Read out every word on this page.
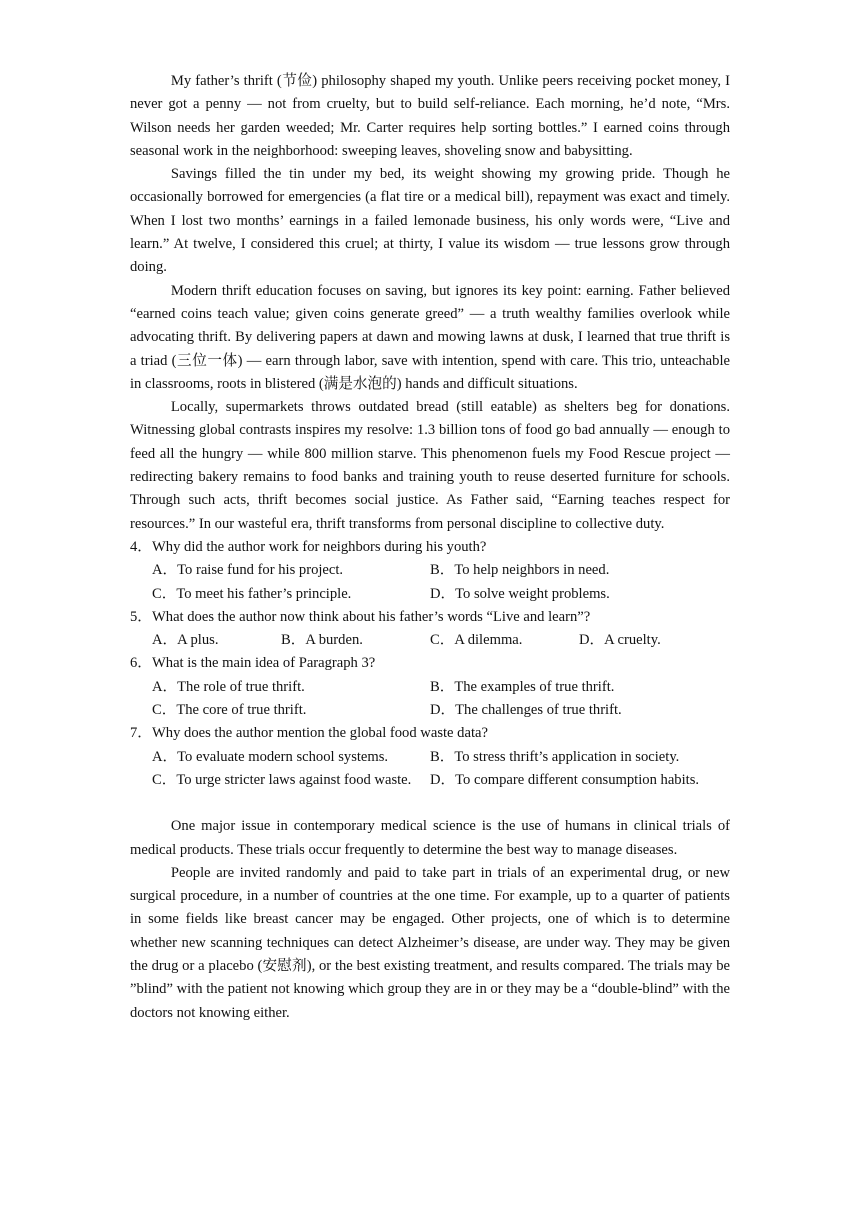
My father’s thrift (节俭) philosophy shaped my youth. Unlike peers receiving pocket money, I never got a penny — not from cruelty, but to build self-reliance. Each morning, he’d note, “Mrs. Wilson needs her garden weeded; Mr. Carter requires help sorting bottles.” I earned coins through seasonal work in the neighborhood: sweeping leaves, shoveling snow and babysitting.

Savings filled the tin under my bed, its weight showing my growing pride. Though he occasionally borrowed for emergencies (a flat tire or a medical bill), repayment was exact and timely. When I lost two months’ earnings in a failed lemonade business, his only words were, “Live and learn.” At twelve, I considered this cruel; at thirty, I value its wisdom — true lessons grow through doing.

Modern thrift education focuses on saving, but ignores its key point: earning. Father believed “earned coins teach value; given coins generate greed” — a truth wealthy families overlook while advocating thrift. By delivering papers at dawn and mowing lawns at dusk, I learned that true thrift is a triad (三位一体) — earn through labor, save with intention, spend with care. This trio, unteachable in classrooms, roots in blistered (满是水泡的) hands and difficult situations.

Locally, supermarkets throws outdated bread (still eatable) as shelters beg for donations. Witnessing global contrasts inspires my resolve: 1.3 billion tons of food go bad annually — enough to feed all the hungry — while 800 million starve. This phenomenon fuels my Food Rescue project — redirecting bakery remains to food banks and training youth to reuse deserted furniture for schools. Through such acts, thrift becomes social justice. As Father said, “Earning teaches respect for resources.” In our wasteful era, thrift transforms from personal discipline to collective duty.

4． Why did the author work for neighbors during his youth?
A．To raise fund for his project.	B．To help neighbors in need.
C．To meet his father’s principle.	D．To solve weight problems.
5． What does the author now think about his father’s words “Live and learn”?
A．A plus.	B．A burden.	C．A dilemma.	D．A cruelty.
6． What is the main idea of Paragraph 3?
A．The role of true thrift.	B．The examples of true thrift.
C．The core of true thrift.	D．The challenges of true thrift.
7． Why does the author mention the global food waste data?
A．To evaluate modern school systems.	B．To stress thrift’s application in society.
C．To urge stricter laws against food waste.	D．To compare different consumption habits.

One major issue in contemporary medical science is the use of humans in clinical trials of medical products. These trials occur frequently to determine the best way to manage diseases.

People are invited randomly and paid to take part in trials of an experimental drug, or new surgical procedure, in a number of countries at the one time. For example, up to a quarter of patients in some fields like breast cancer may be engaged. Other projects, one of which is to determine whether new scanning techniques can detect Alzheimer’s disease, are under way. They may be given the drug or a placebo (安慰剂), or the best existing treatment, and results compared. The trials may be ”blind” with the patient not knowing which group they are in or they may be a “double-blind” with the doctors not knowing either.
